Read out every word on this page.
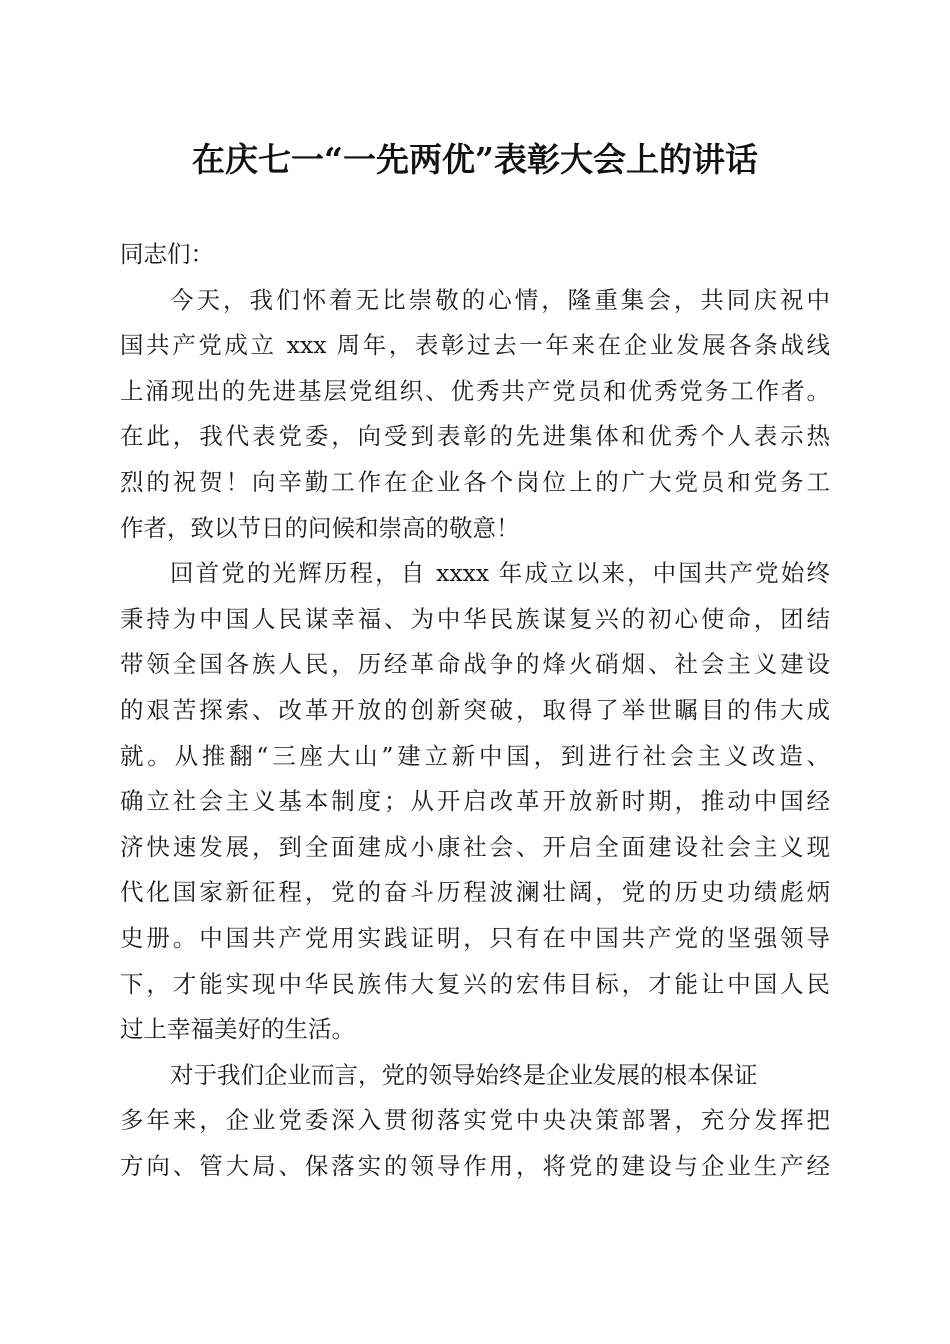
在庆七一“一先两优”表彰大会上的讲话
同志们：
今天，我们怀着无比崇敬的心情，隆重集会，共同庆祝中
国共产党成立 xxx 周年，表彰过去一年来在企业发展各条战线
上涌现出的先进基层党组织、优秀共产党员和优秀党务工作者。
在此，我代表党委，向受到表彰的先进集体和优秀个人表示热
烈的祝贺！向辛勤工作在企业各个岗位上的广大党员和党务工
作者，致以节日的问候和崇高的敬意！
回首党的光辉历程，自 xxxx 年成立以来，中国共产党始终
秉持为中国人民谋幸福、为中华民族谋复兴的初心使命，团结
带领全国各族人民，历经革命战争的烽火硝烟、社会主义建设
的艰苦探索、改革开放的创新突破，取得了举世瞩目的伟大成
就。从推翻“三座大山”建立新中国，到进行社会主义改造、
确立社会主义基本制度；从开启改革开放新时期，推动中国经
济快速发展，到全面建成小康社会、开启全面建设社会主义现
代化国家新征程，党的奋斗历程波澜壮阔，党的历史功绩彪炳
史册。中国共产党用实践证明，只有在中国共产党的坚强领导
下，才能实现中华民族伟大复兴的宏伟目标，才能让中国人民
过上幸福美好的生活。
对于我们企业而言，党的领导始终是企业发展的根本保证
多年来，企业党委深入贯彻落实党中央决策部署，充分发挥把
方向、管大局、保落实的领导作用，将党的建设与企业生产经
